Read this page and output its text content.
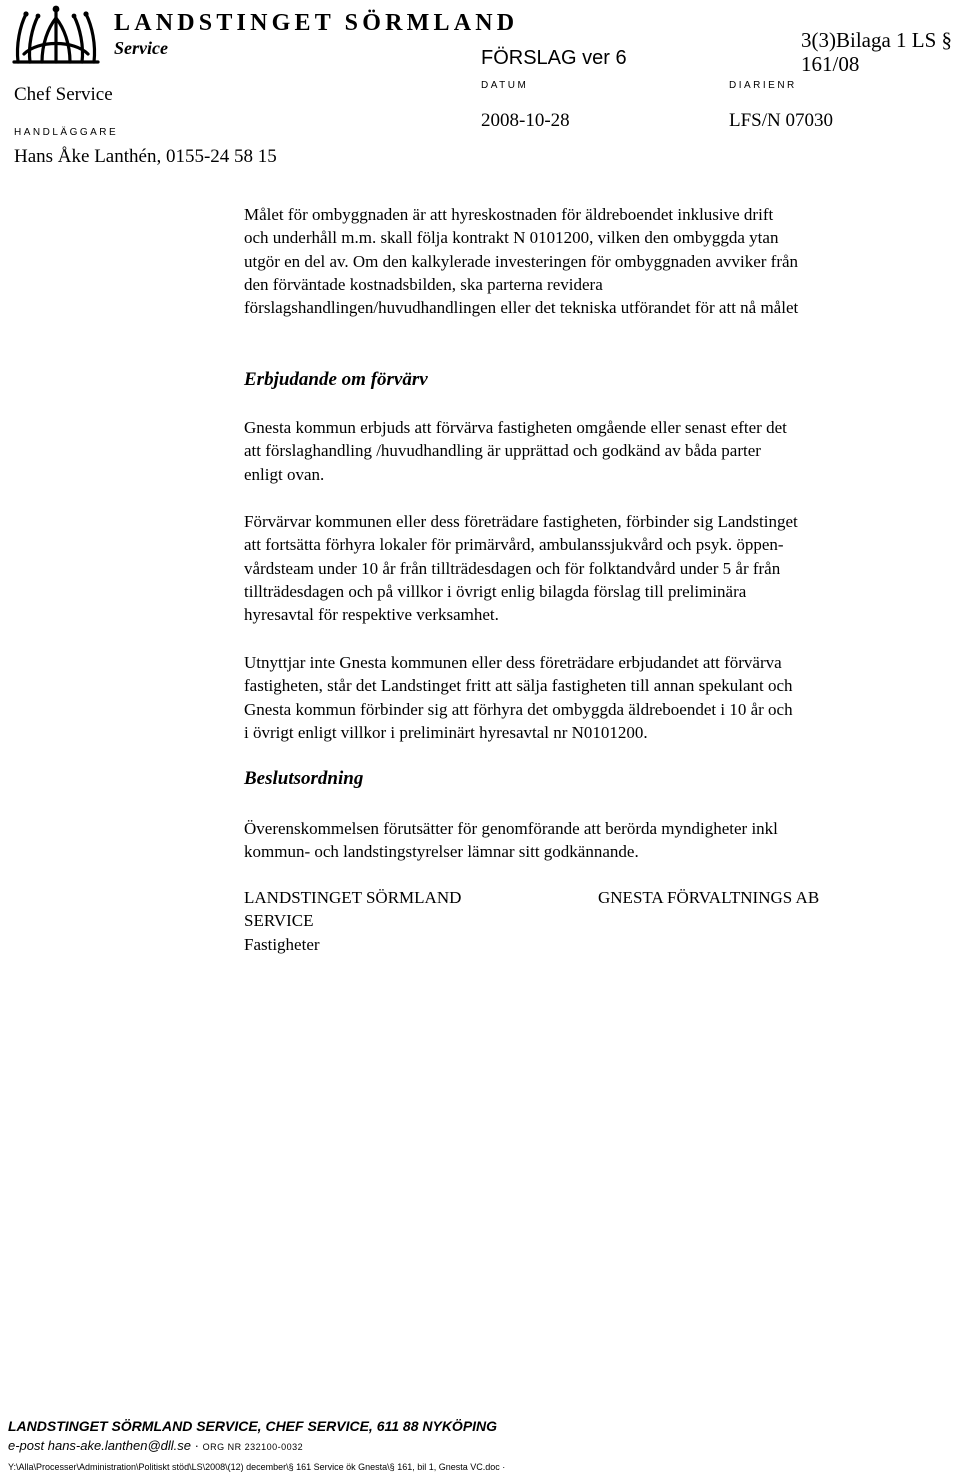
LANDSTINGET SÖRMLAND
Service
Chef Service
HANDLÄGGARE
Hans Åke Lanthén, 0155-24 58 15
FÖRSLAG ver 6
DATUM
2008-10-28
DIARIENR
LFS/N 07030
3(3)Bilaga 1 LS §
161/08
Målet för ombyggnaden är att hyreskostnaden för äldreboendet inklusive drift
och underhåll m.m. skall följa kontrakt N 0101200, vilken den ombyggda ytan
utgör en del av. Om den kalkylerade investeringen för ombyggnaden avviker från
den förväntade kostnadsbilden, ska parterna revidera
förslagshandlingen/huvudhandlingen eller det tekniska utförandet för att nå målet
Erbjudande om förvärv
Gnesta kommun erbjuds att förvärva fastigheten omgående eller senast efter det
att förslaghandling /huvudhandling är upprättad och godkänd av båda parter
enligt ovan.
Förvärvar kommunen eller dess företrädare fastigheten, förbinder sig Landstinget
att fortsätta förhyra lokaler för primärvård, ambulanssjukvård och psyk. öppen-
vårdsteam under 10 år från tillträdesdagen och för folktandvård under 5 år från
tillträdesdagen och på villkor i övrigt enlig bilagda förslag till preliminära
hyresavtal för respektive verksamhet.
Utnyttjar inte Gnesta kommunen eller dess företrädare erbjudandet att förvärva
fastigheten, står det Landstinget fritt att sälja fastigheten till annan spekulant och
Gnesta kommun förbinder sig att förhyra det ombyggda äldreboendet i 10 år och
i övrigt enligt villkor i preliminärt hyresavtal nr N0101200.
Beslutsordning
Överenskommelsen förutsätter för genomförande att berörda myndigheter inkl
kommun- och landstingstyrelser lämnar sitt godkännande.
LANDSTINGET SÖRMLAND
SERVICE
Fastigheter
GNESTA FÖRVALTNINGS AB
LANDSTINGET SÖRMLAND SERVICE, CHEF SERVICE, 611 88 NYKÖPING
e-post hans-ake.lanthen@dll.se · ORG NR 232100-0032
Y:\Alla\Processer\Administration\Politiskt stöd\LS\2008\(12) december\§ 161 Service ök Gnesta\§ 161, bil 1, Gnesta VC.doc ·
